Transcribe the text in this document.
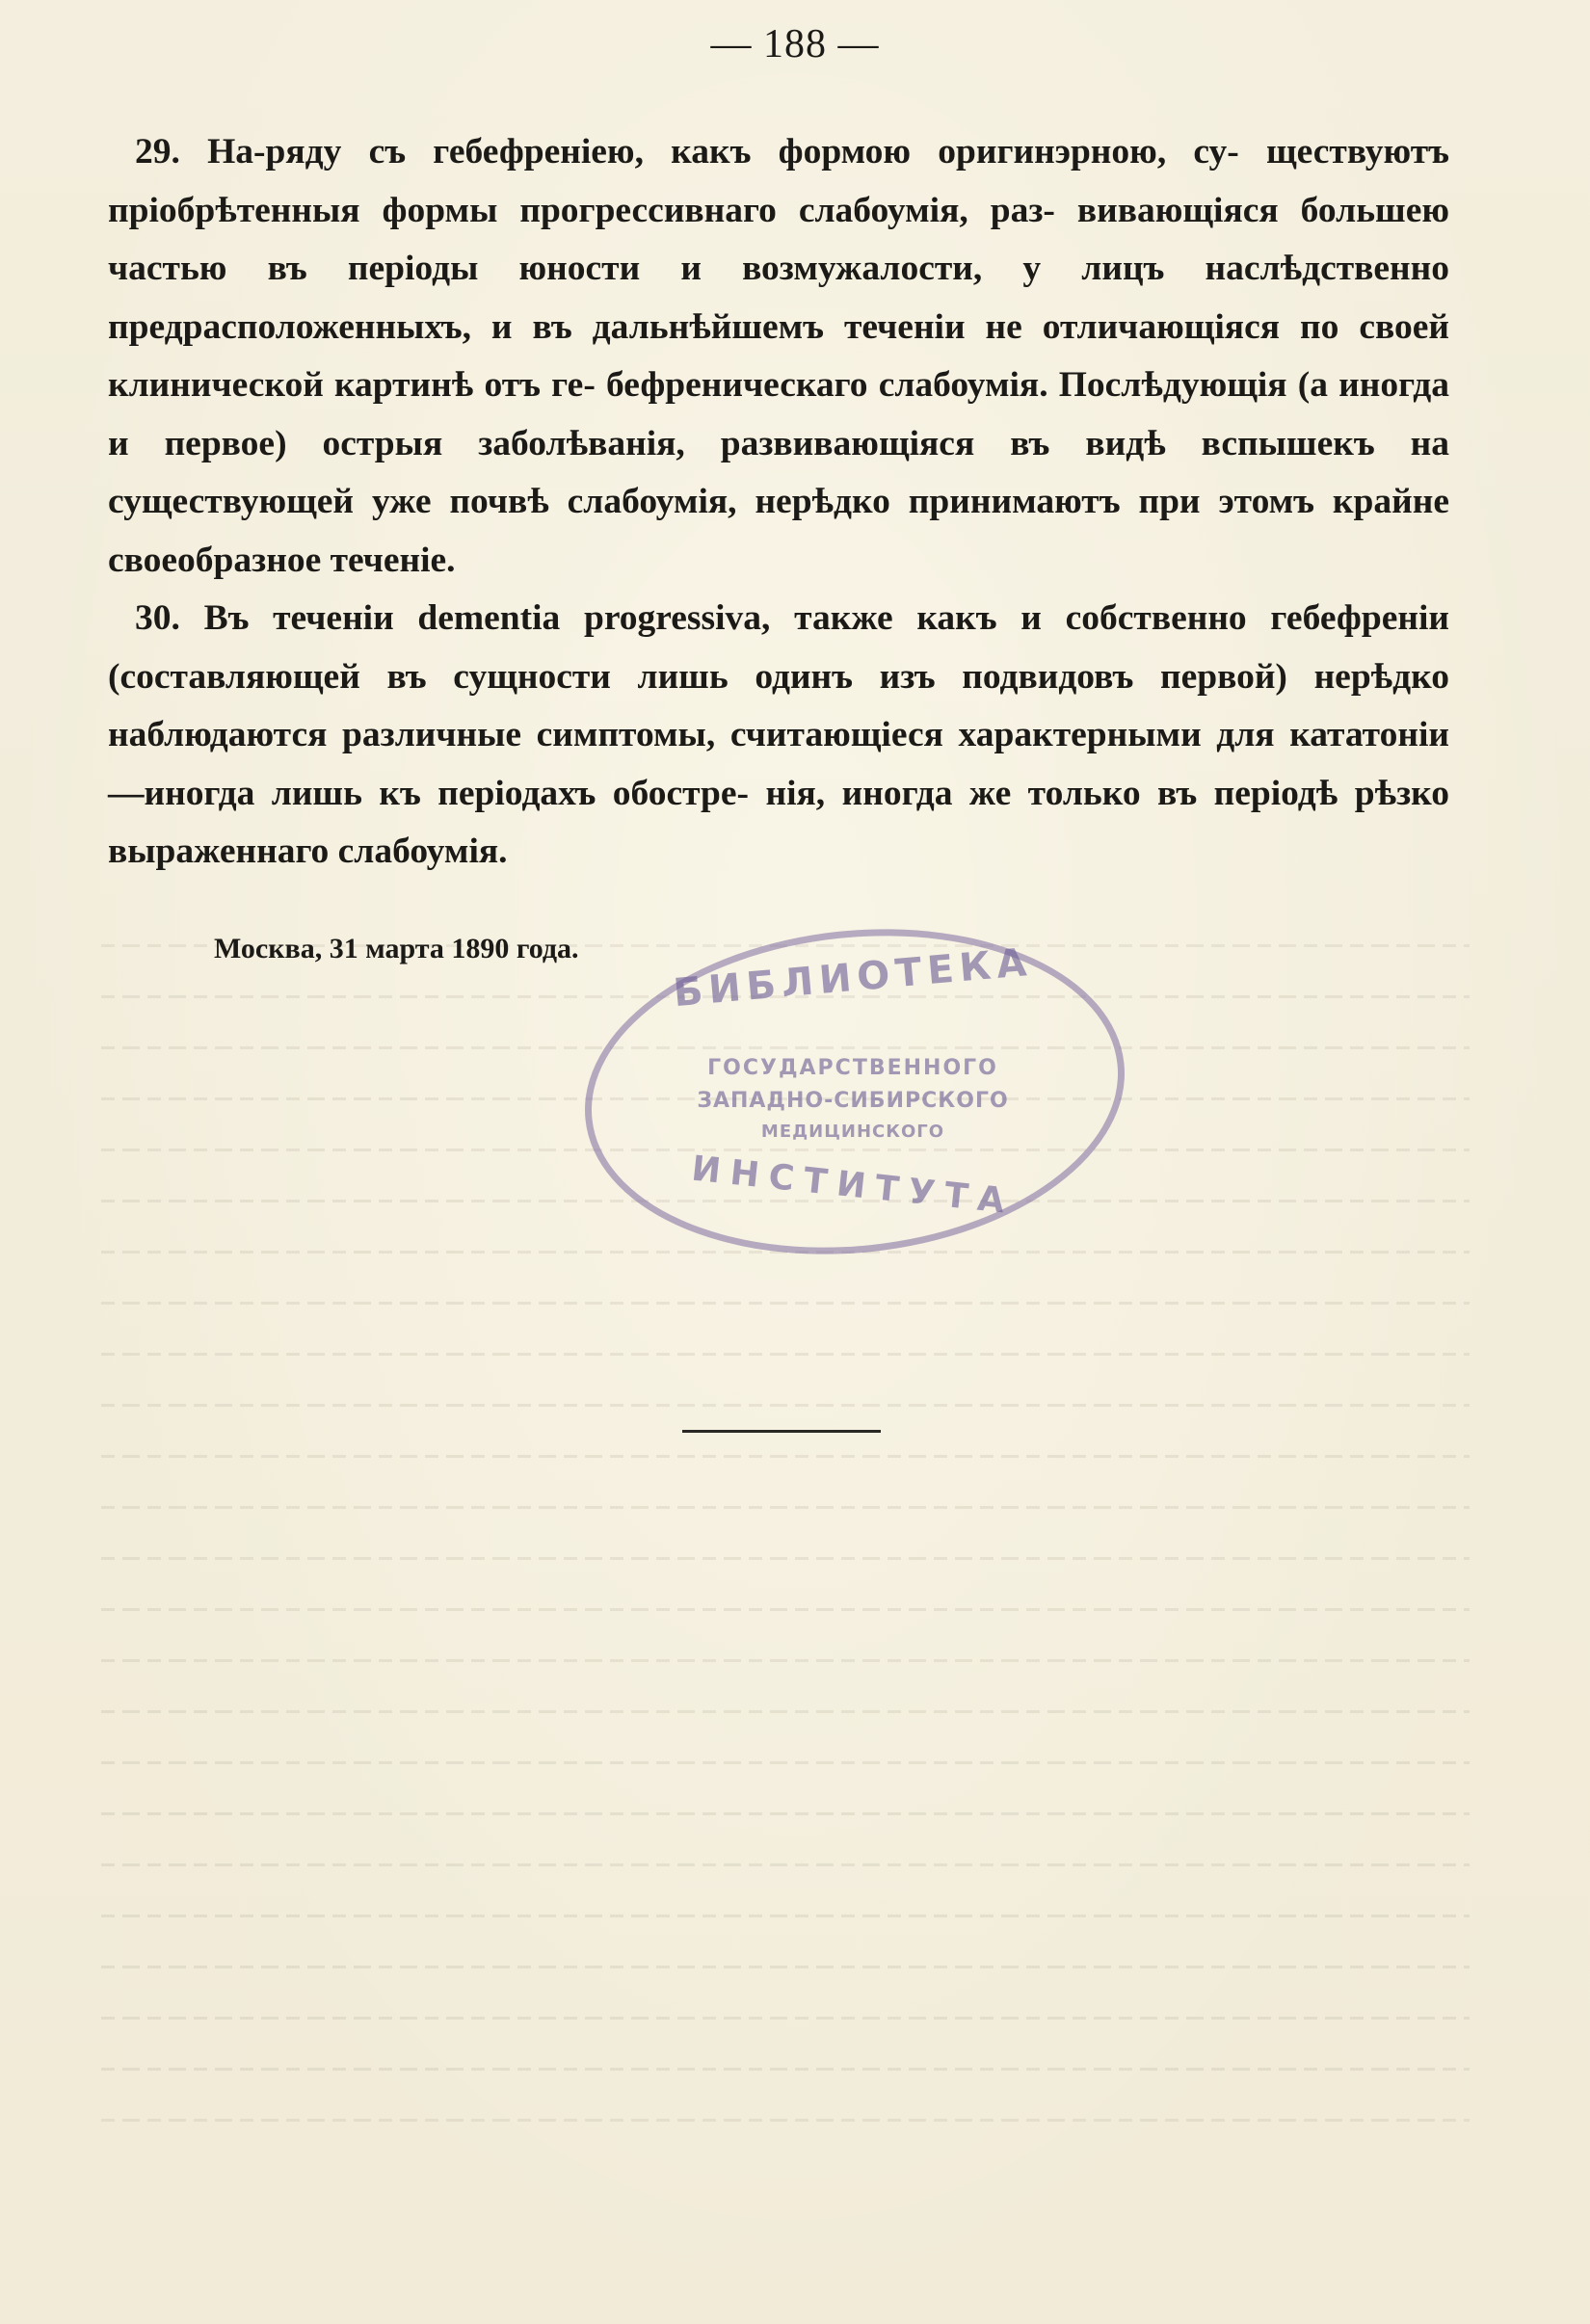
— 188 —

29. На-ряду съ гебефреніею, какъ формою оригинэрною, су- ществуютъ пріобрѣтенныя формы прогрессивнаго слабоумія, раз- вивающіяся большею частью въ періоды юности и возмужалости, у лицъ наслѣдственно предрасположенныхъ, и въ дальнѣйшемъ теченіи не отличающіяся по своей клинической картинѣ отъ ге- бефреническаго слабоумія. Послѣдующія (а иногда и первое) острыя заболѣванія, развивающіяся въ видѣ вспышекъ на существующей уже почвѣ слабоумія, нерѣдко принимаютъ при этомъ крайне своеобразное теченіе.

30. Въ теченіи dementia progressiva, также какъ и собственно гебефреніи (составляющей въ сущности лишь одинъ изъ подвидовъ первой) нерѣдко наблюдаются различные симптомы, считающіеся характерными для кататоніи—иногда лишь къ періодахъ обостре- нія, иногда же только въ періодѣ рѣзко выраженнаго слабоумія.

Москва, 31 марта 1890 года.	БИБЛИОТЕКА
ГОСУДАРСТВЕННОГО
ЗАПАДНО-СИБИРСКОГО
МЕДИЦИНСКОГО
ИНСТИТУТА
